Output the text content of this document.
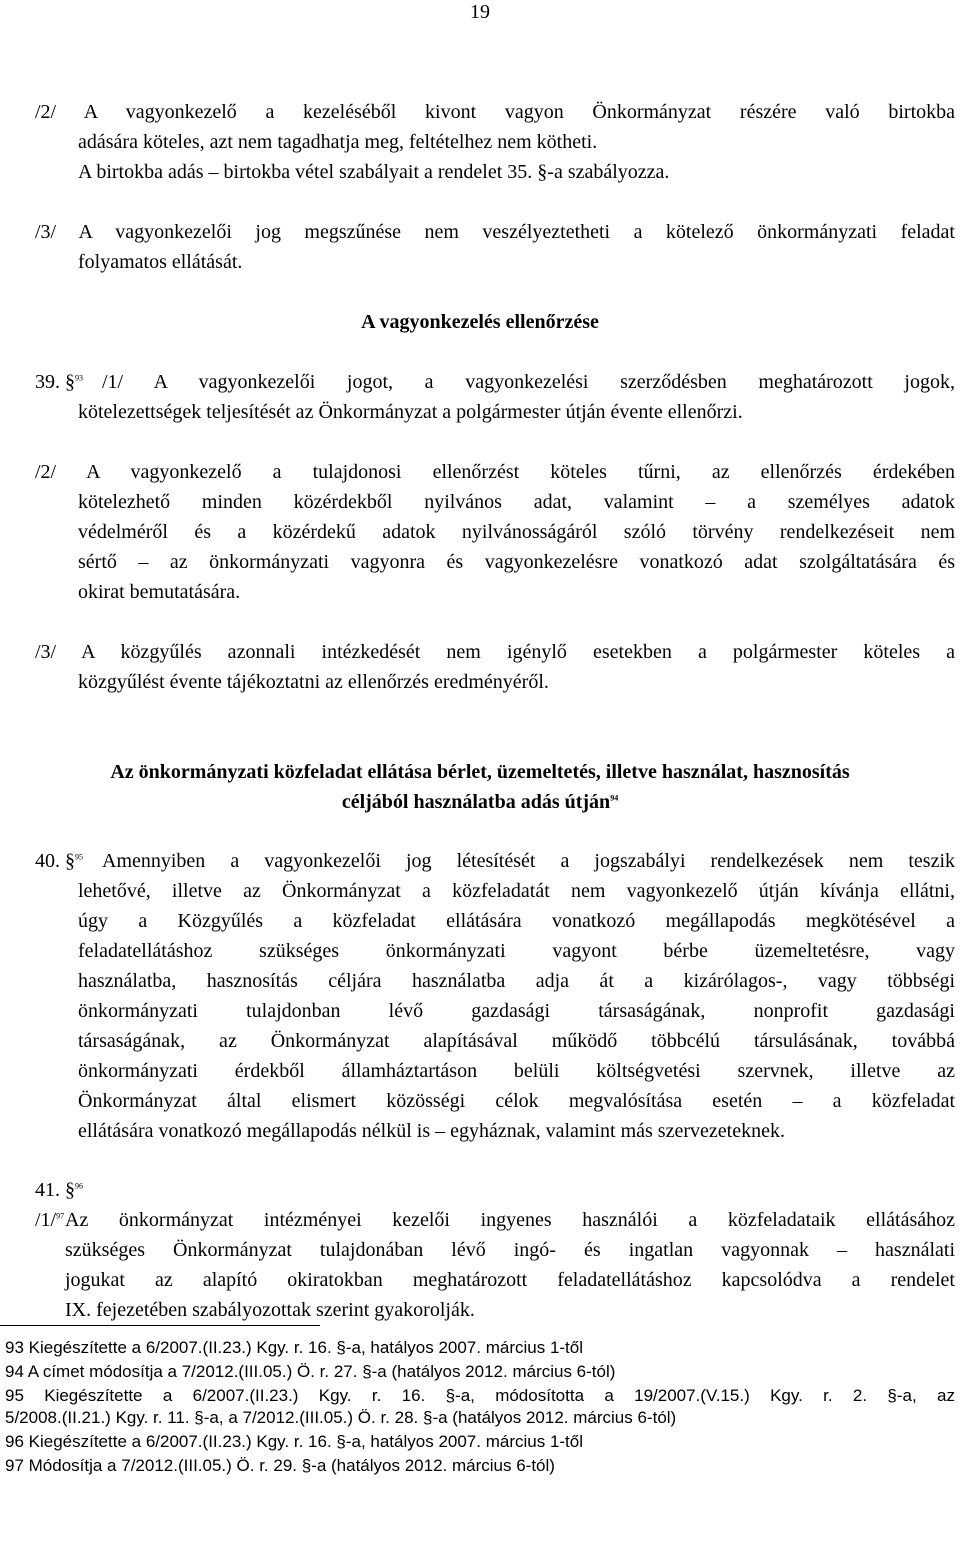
19
/2/ A vagyonkezelő a kezeléséből kivont vagyon Önkormányzat részére való birtokba
adására köteles, azt nem tagadhatja meg, feltételhez nem kötheti.
A birtokba adás – birtokba vétel szabályait a rendelet 35. §-a szabályozza.
/3/ A vagyonkezelői jog megszűnése nem veszélyeztetheti a kötelező önkormányzati feladat
folyamatos ellátását.
A vagyonkezelés ellenőrzése
39. §$^{93}$ /1/ A vagyonkezelői jogot, a vagyonkezelési szerződésben meghatározott jogok,
kötelezettségek teljesítését az Önkormányzat a polgármester útján évente ellenőrzi.
/2/ A vagyonkezelő a tulajdonosi ellenőrzést köteles tűrni, az ellenőrzés érdekében
kötelezhető minden közérdekből nyilvános adat, valamint – a személyes adatok
védelméről és a közérdekű adatok nyilvánosságáról szóló törvény rendelkezéseit nem
sértő – az önkormányzati vagyonra és vagyonkezelésre vonatkozó adat szolgáltatására és
okirat bemutatására.
/3/ A közgyűlés azonnali intézkedését nem igénylő esetekben a polgármester köteles a
közgyűlést évente tájékoztatni az ellenőrzés eredményéről.
Az önkormányzati közfeladat ellátása bérlet, üzemeltetés, illetve használat, hasznosítás
céljából használatba adás útján$^{94}$
40. §$^{95}$ Amennyiben a vagyonkezelői jog létesítését a jogszabályi rendelkezések nem teszik
lehetővé, illetve az Önkormányzat a közfeladatát nem vagyonkezelő útján kívánja ellátni,
úgy a Közgyűlés a közfeladat ellátására vonatkozó megállapodás megkötésével a
feladatellátáshoz szükséges önkormányzati vagyont bérbe üzemeltetésre, vagy
használatba, hasznosítás céljára használatba adja át a kizárólagos-, vagy többségi
önkormányzati tulajdonban lévő gazdasági társaságának, nonprofit gazdasági
társaságának, az Önkormányzat alapításával működő többcélú társulásának, továbbá
önkormányzati érdekből államháztartáson belüli költségvetési szervnek, illetve az
Önkormányzat által elismert közösségi célok megvalósítása esetén – a közfeladat
ellátására vonatkozó megállapodás nélkül is – egyháznak, valamint más szervezeteknek.
41. §$^{96}$
/1/$^{97}$ Az önkormányzat intézményei kezelői ingyenes használói a közfeladataik ellátásához
szükséges Önkormányzat tulajdonában lévő ingó- és ingatlan vagyonnak – használati
jogukat az alapító okiratokban meghatározott feladatellátáshoz kapcsolódva a rendelet
IX. fejezetében szabályozottak szerint gyakorolják.
93 Kiegészítette a 6/2007.(II.23.) Kgy. r. 16. §-a, hatályos 2007. március 1-től
94 A címet módosítja a 7/2012.(III.05.) Ö. r. 27. §-a (hatályos 2012. március 6-tól)
95 Kiegészítette a 6/2007.(II.23.) Kgy. r. 16. §-a, módosította a 19/2007.(V.15.) Kgy. r. 2. §-a, az
5/2008.(II.21.) Kgy. r. 11. §-a, a 7/2012.(III.05.) Ö. r. 28. §-a (hatályos 2012. március 6-tól)
96 Kiegészítette a 6/2007.(II.23.) Kgy. r. 16. §-a, hatályos 2007. március 1-től
97 Módosítja a 7/2012.(III.05.) Ö. r. 29. §-a (hatályos 2012. március 6-tól)
